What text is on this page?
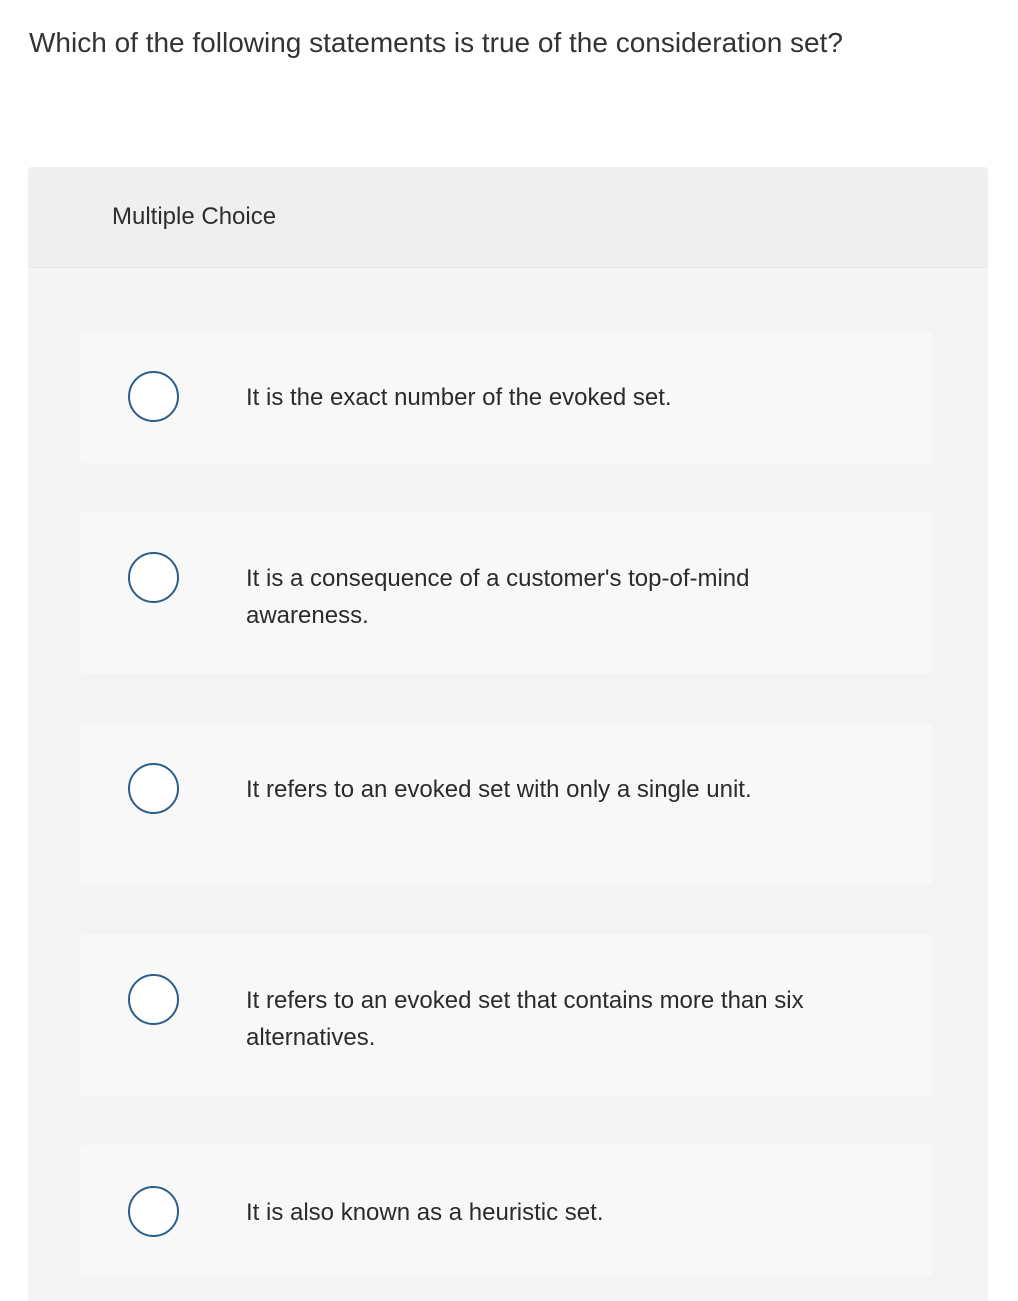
Which of the following statements is true of the consideration set?
Multiple Choice
It is the exact number of the evoked set.
It is a consequence of a customer's top-of-mind awareness.
It refers to an evoked set with only a single unit.
It refers to an evoked set that contains more than six alternatives.
It is also known as a heuristic set.
